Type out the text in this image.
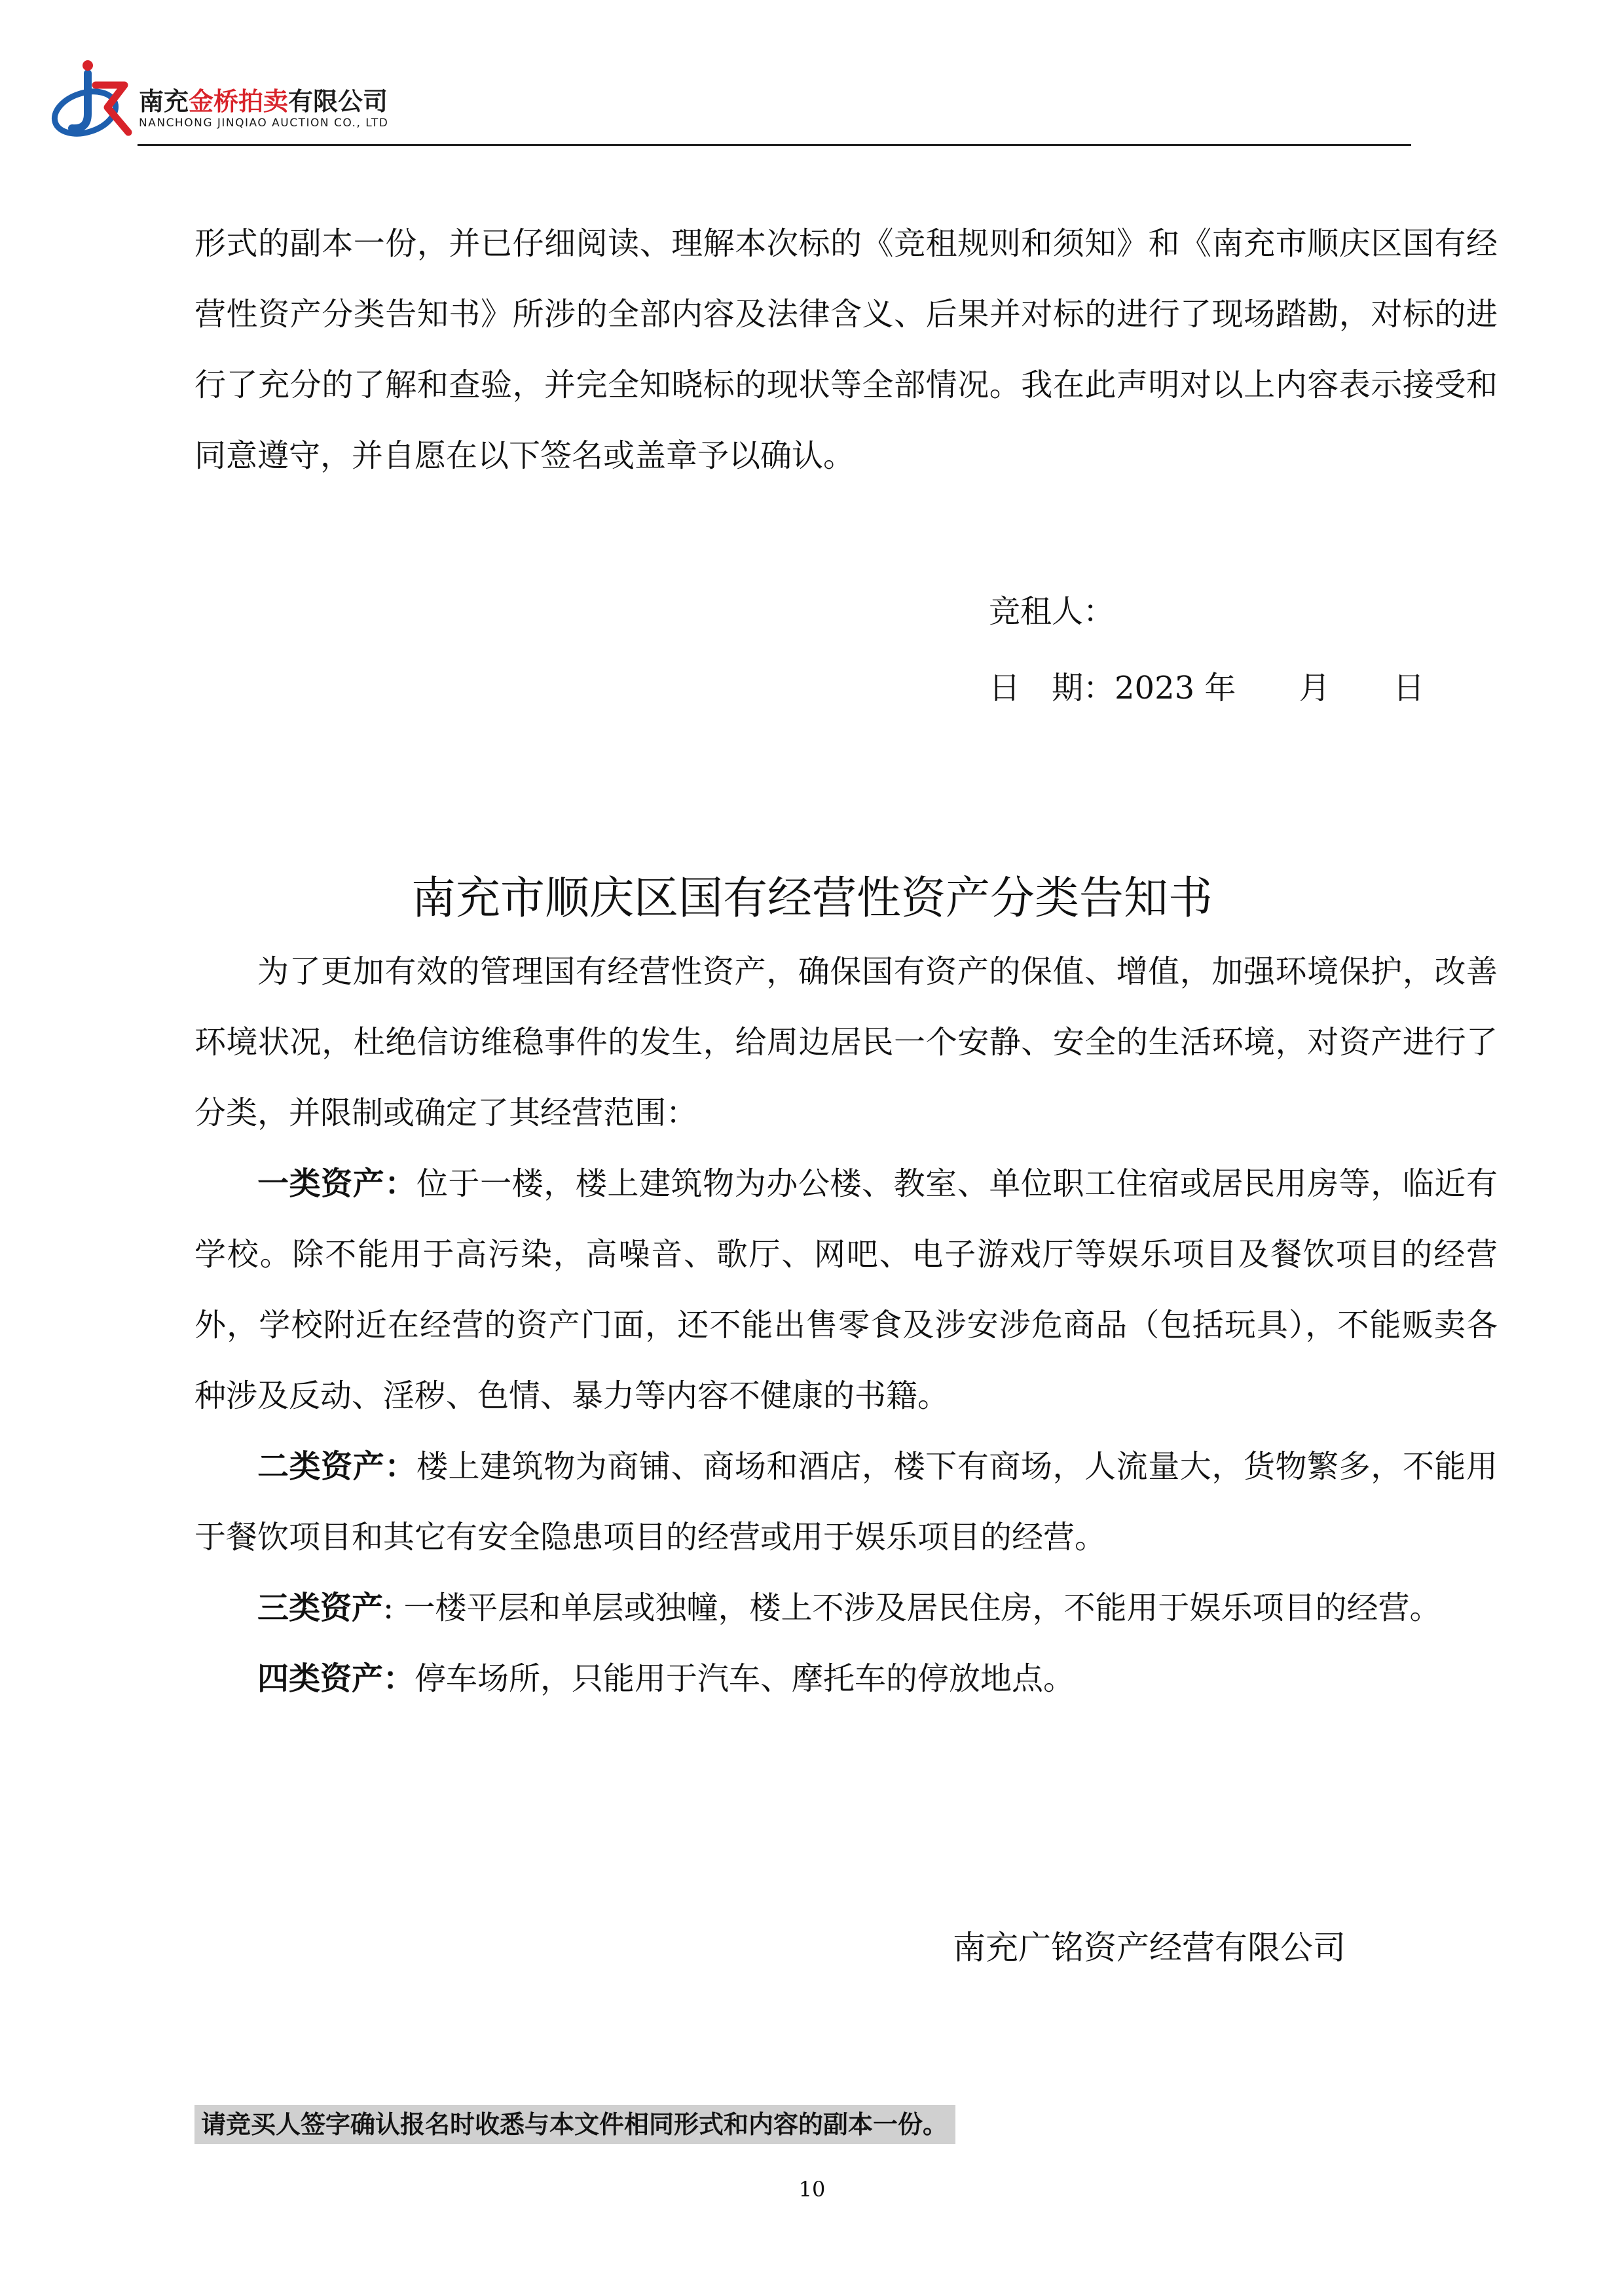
南充金桥拍卖有限公司
NANCHONG JINQIAO AUCTION CO., LTD

形式的副本一份，并已仔细阅读、理解本次标的《竞租规则和须知》和《南充市顺庆区国有经营性资产分类告知书》所涉的全部内容及法律含义、后果并对标的进行了现场踏勘，对标的进行了充分的了解和查验，并完全知晓标的现状等全部情况。我在此声明对以上内容表示接受和同意遵守，并自愿在以下签名或盖章予以确认。

竞租人：
日　期：2023 年　　月　　日
南充市顺庆区国有经营性资产分类告知书

为了更加有效的管理国有经营性资产，确保国有资产的保值、增值，加强环境保护，改善环境状况，杜绝信访维稳事件的发生，给周边居民一个安静、安全的生活环境，对资产进行了分类，并限制或确定了其经营范围：

一类资产：位于一楼，楼上建筑物为办公楼、教室、单位职工住宿或居民用房等，临近有学校。除不能用于高污染，高噪音、歌厅、网吧、电子游戏厅等娱乐项目及餐饮项目的经营外，学校附近在经营的资产门面，还不能出售零食及涉安涉危商品（包括玩具），不能贩卖各种涉及反动、淫秽、色情、暴力等内容不健康的书籍。

二类资产：楼上建筑物为商铺、商场和酒店，楼下有商场，人流量大，货物繁多，不能用于餐饮项目和其它有安全隐患项目的经营或用于娱乐项目的经营。

三类资产: 一楼平层和单层或独幢，楼上不涉及居民住房，不能用于娱乐项目的经营。

四类资产：停车场所，只能用于汽车、摩托车的停放地点。

南充广铭资产经营有限公司
请竞买人签字确认报名时收悉与本文件相同形式和内容的副本一份。
10
